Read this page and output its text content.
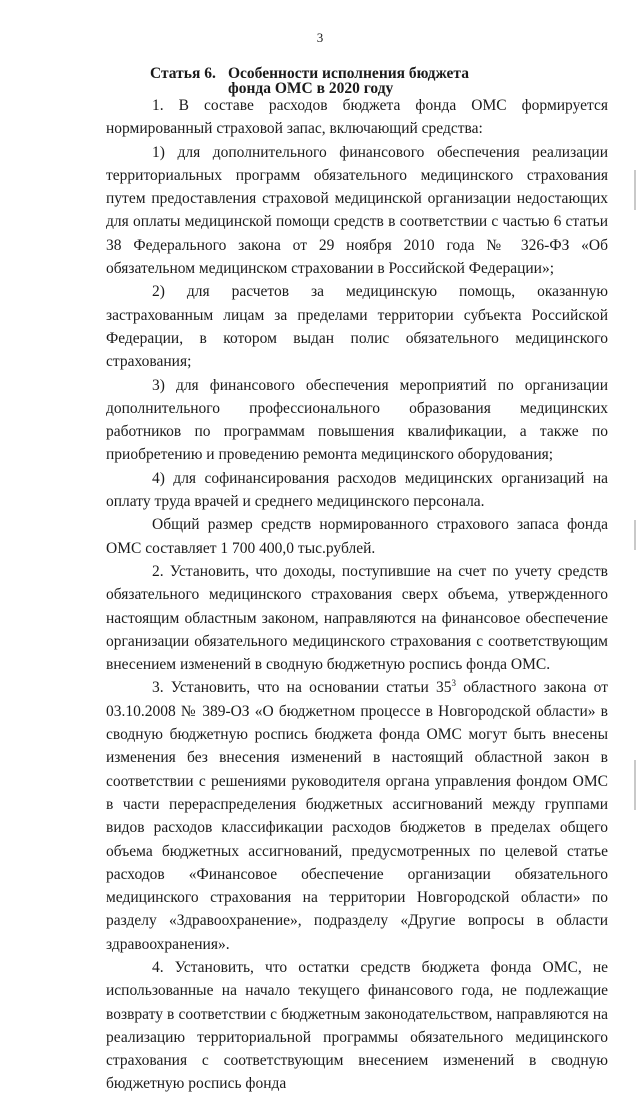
3
Статья 6. Особенности исполнения бюджета
фонда ОМС в 2020 году

1. В составе расходов бюджета фонда ОМС формируется нормированный страховой запас, включающий средства:

1) для дополнительного финансового обеспечения реализации территориальных программ обязательного медицинского страхования путем предоставления страховой медицинской организации недостающих для оплаты медицинской помощи средств в соответствии с частью 6 статьи 38 Федерального закона от 29 ноября 2010 года № 326-ФЗ «Об обязательном медицинском страховании в Российской Федерации»;

2) для расчетов за медицинскую помощь, оказанную застрахованным лицам за пределами территории субъекта Российской Федерации, в котором выдан полис обязательного медицинского страхования;

3) для финансового обеспечения мероприятий по организации дополнительного профессионального образования медицинских работников по программам повышения квалификации, а также по приобретению и проведению ремонта медицинского оборудования;

4) для софинансирования расходов медицинских организаций на оплату труда врачей и среднего медицинского персонала.

Общий размер средств нормированного страхового запаса фонда ОМС составляет 1 700 400,0 тыс.рублей.

2. Установить, что доходы, поступившие на счет по учету средств обязательного медицинского страхования сверх объема, утвержденного настоящим областным законом, направляются на финансовое обеспечение организации обязательного медицинского страхования с соответствующим внесением изменений в сводную бюджетную роспись фонда ОМС.

3. Установить, что на основании статьи $35^3$ областного закона от 03.10.2008 № 389-ОЗ «О бюджетном процессе в Новгородской области» в сводную бюджетную роспись бюджета фонда ОМС могут быть внесены изменения без внесения изменений в настоящий областной закон в соответствии с решениями руководителя органа управления фондом ОМС в части перераспределения бюджетных ассигнований между группами видов расходов классификации расходов бюджетов в пределах общего объема бюджетных ассигнований, предусмотренных по целевой статье расходов «Финансовое обеспечение организации обязательного медицинского страхования на территории Новгородской области» по разделу «Здравоохранение», подразделу «Другие вопросы в области здравоохранения».

4. Установить, что остатки средств бюджета фонда ОМС, не использованные на начало текущего финансового года, не подлежащие возврату в соответствии с бюджетным законодательством, направляются на реализацию территориальной программы обязательного медицинского страхования с соответствующим внесением изменений в сводную бюджетную роспись фонда
